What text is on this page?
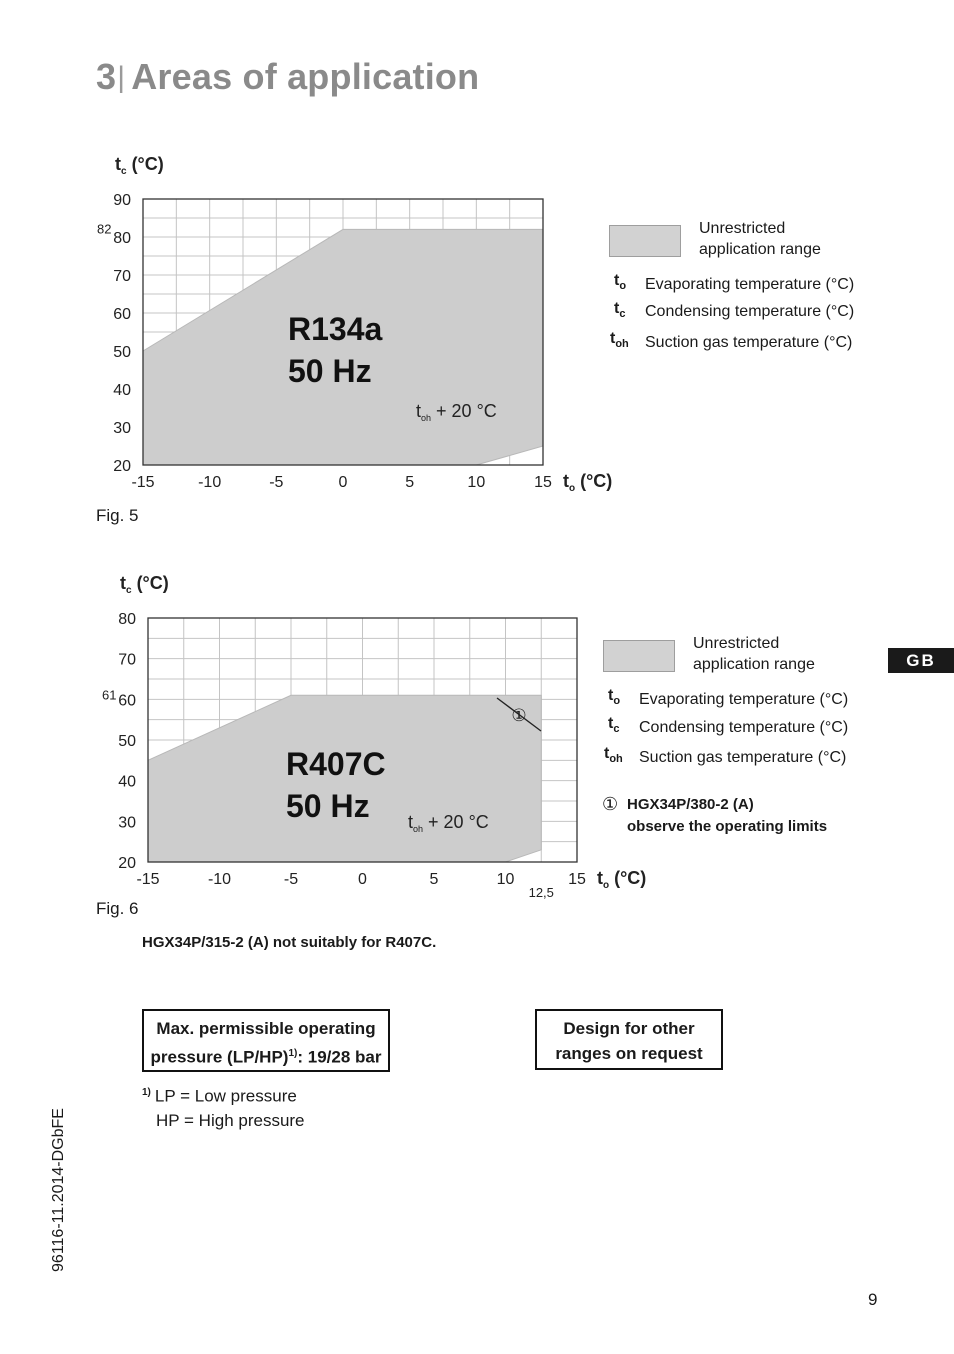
3| Areas of application
20
30
40
50
60
70
80
90
82
-15	-10	-5	0	5	10	15
$t_c$ (°C)
$t_o$ (°C)
R134a
50 Hz
$t_{oh} + 20$ °C
Fig. 5
Unrestricted
application range
$t_o$ Evaporating temperature (°C)
$t_c$ Condensing temperature (°C)
$t_{oh}$ Suction gas temperature (°C)
GB
20
30
40
50
60
70
80
61
-15	-10	-5	0	5	10	15
12,5
$t_c$ (°C)
$t_o$ (°C)
R407C
50 Hz $t_{oh} + 20$ °C
①
Fig. 6
Unrestricted
application range
$t_o$ Evaporating temperature (°C)
$t_c$ Condensing temperature (°C)
$t_{oh}$ Suction gas temperature (°C)
① HGX34P/380-2 (A)
observe the operating limits
HGX34P/315-2 (A) not suitably for R407C.
Max. permissible operating
pressure $(LP/HP)^{1)}$: 19/28 bar
Design for other
ranges on request
$^{1)}$ LP = Low pressure
HP = High pressure
96116-11.2014-DGbFE
9
